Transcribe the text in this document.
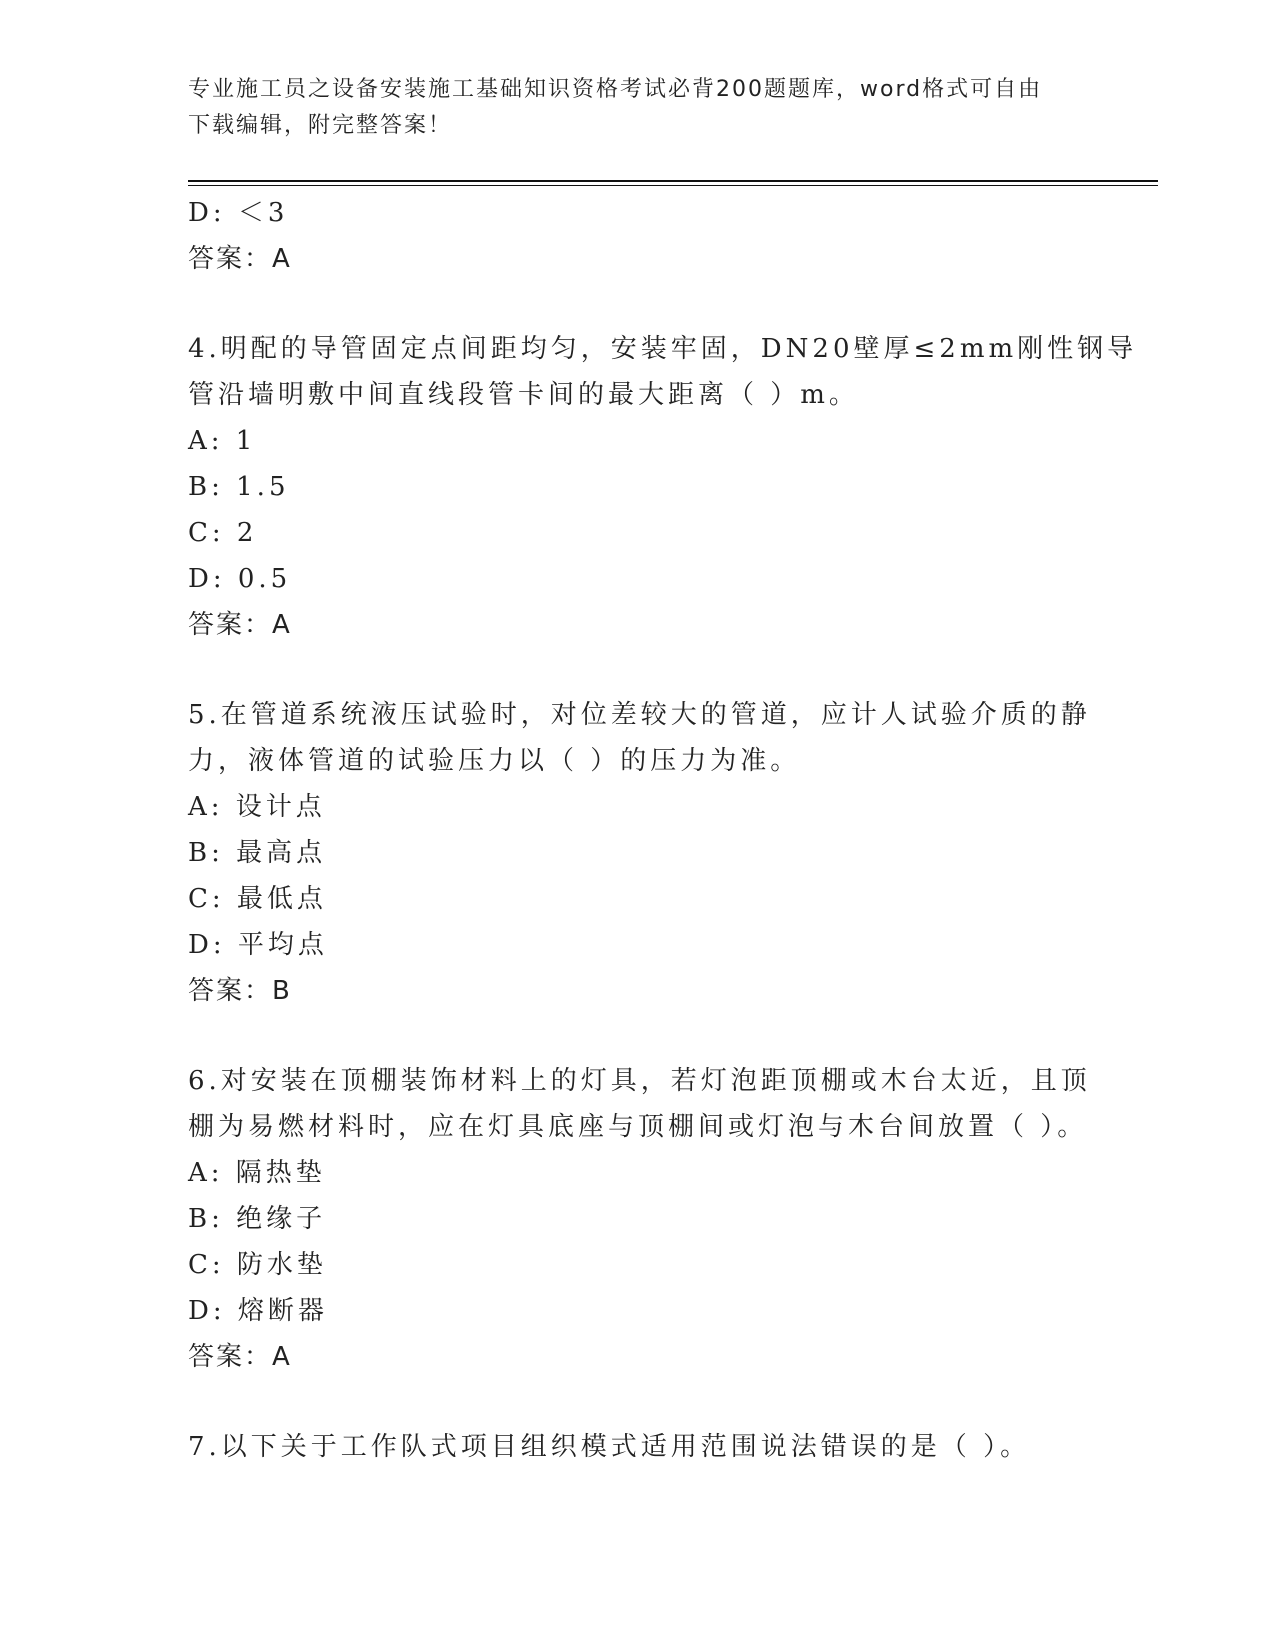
专业施工员之设备安装施工基础知识资格考试必背200题题库，word格式可自由
下载编辑，附完整答案！
D: ＜3
答案：A
4.明配的导管固定点间距均匀，安装牢固，DN20壁厚≤2mm刚性钢导
管沿墙明敷中间直线段管卡间的最大距离（ ）m。
A: 1
B: 1.5
C: 2
D: 0.5
答案：A
5.在管道系统液压试验时，对位差较大的管道，应计人试验介质的静
力，液体管道的试验压力以（ ）的压力为准。
A: 设计点
B: 最高点
C: 最低点
D: 平均点
答案：B
6.对安装在顶棚装饰材料上的灯具，若灯泡距顶棚或木台太近，且顶
棚为易燃材料时，应在灯具底座与顶棚间或灯泡与木台间放置（ ）。
A: 隔热垫
B: 绝缘子
C: 防水垫
D: 熔断器
答案：A
7.以下关于工作队式项目组织模式适用范围说法错误的是（ ）。
